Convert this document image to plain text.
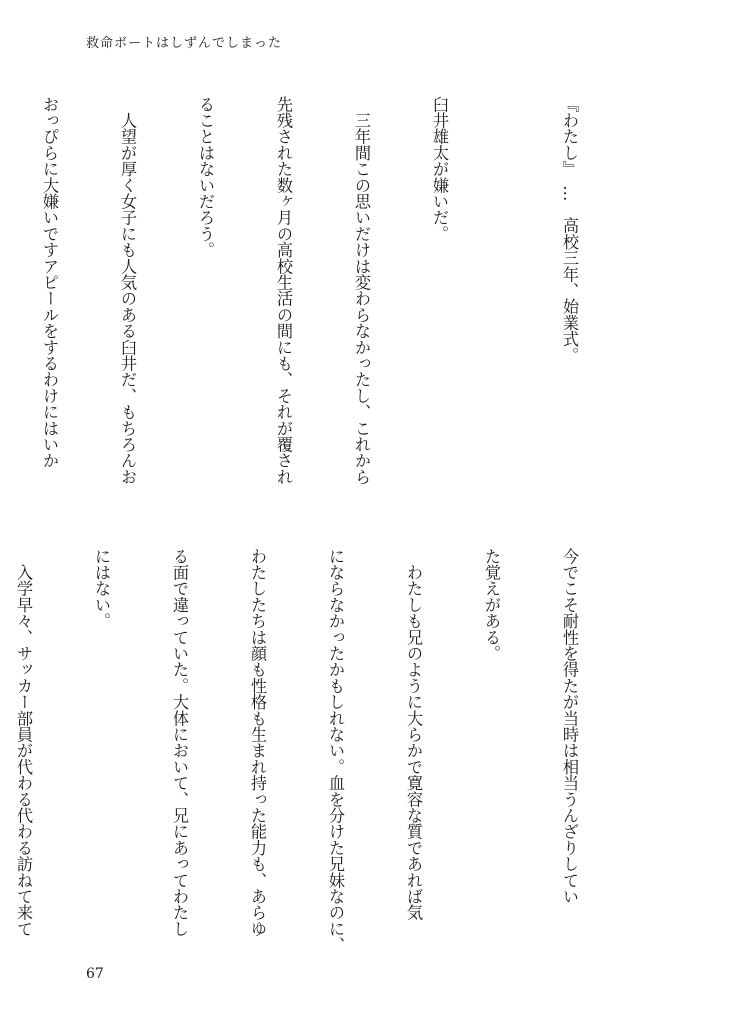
救命ボートはしずんでしまった

『わたし』　…　高校三年、始業式。

臼井雄太が嫌いだ。

　三年間この思いだけは変わらなかったし、これから

先残された数ヶ月の高校生活の間にも、それが覆され

ることはないだろう。

　人望が厚く女子にも人気のある臼井だ、もちろんお

おっぴらに大嫌いですアピールをするわけにはいか

今でこそ耐性を得たが当時は相当うんざりしてい

た覚えがある。

　わたしも兄のように大らかで寛容な質であれば気

にならなかったかもしれない。血を分けた兄妹なのに、

わたしたちは顔も性格も生まれ持った能力も、あらゆ

る面で違っていた。大体において、兄にあってわたし

にはない。

　入学早々、サッカー部員が代わる代わる訪ねて来て

67
